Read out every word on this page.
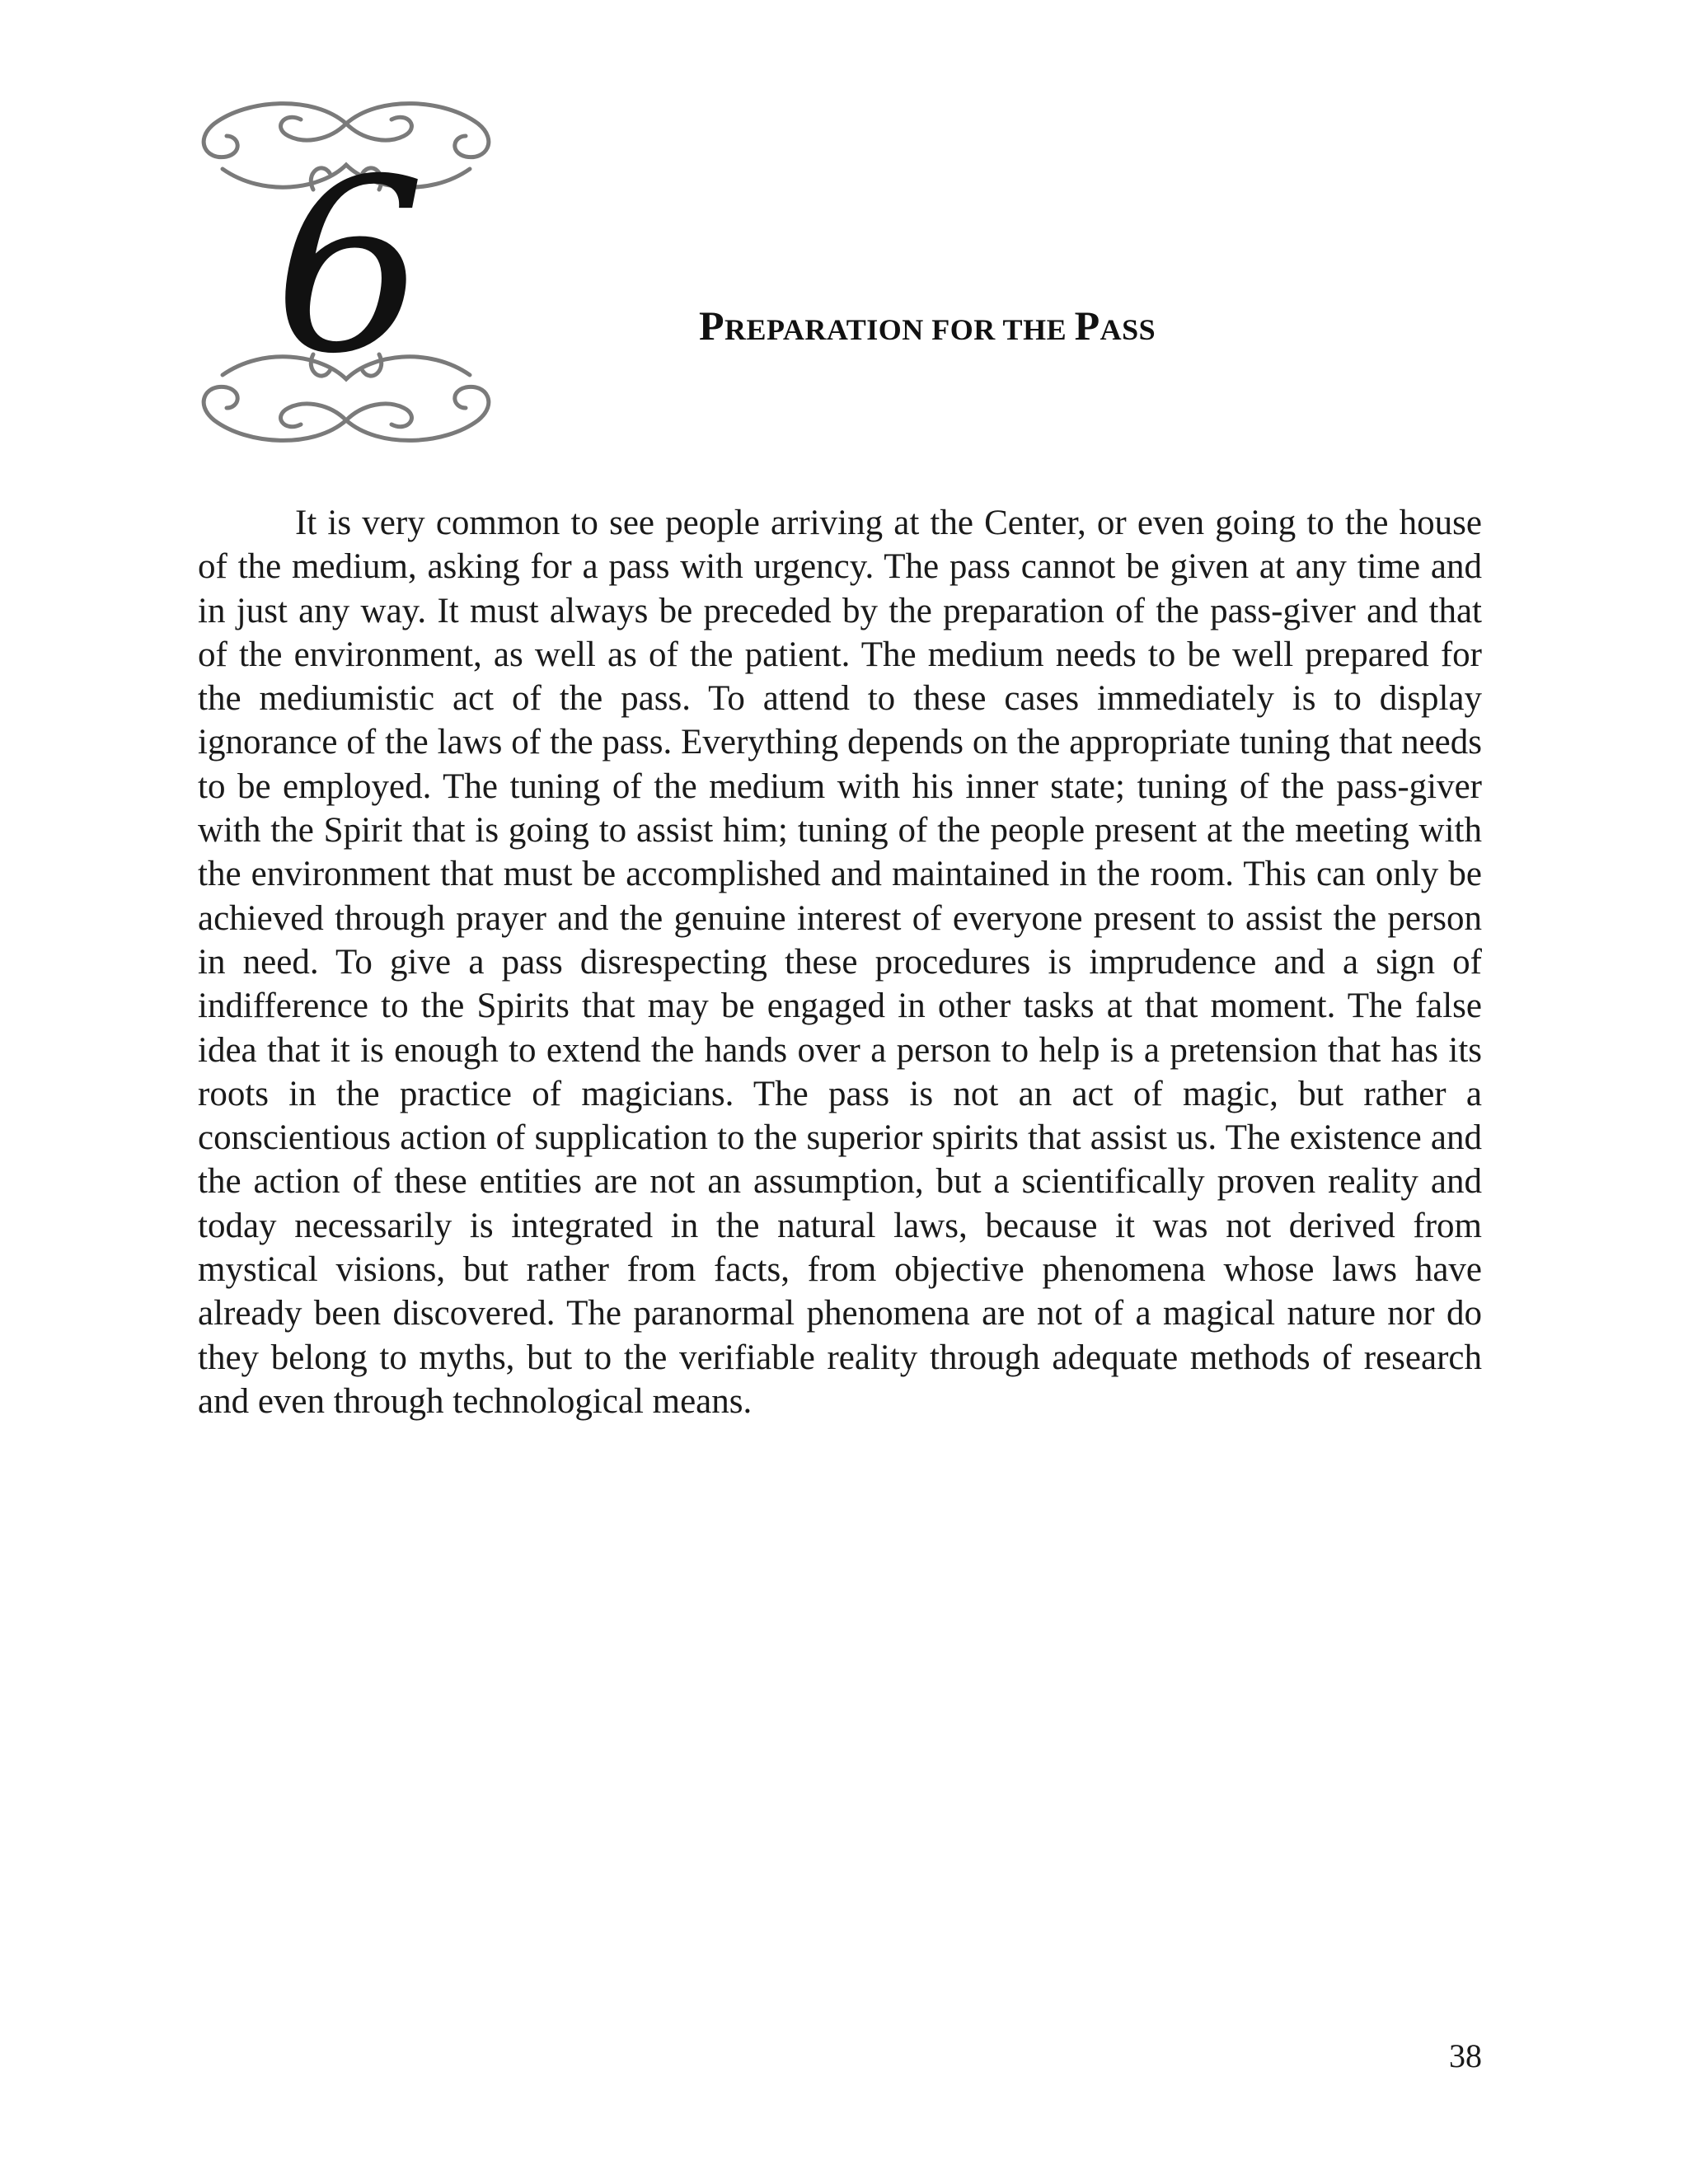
6	PREPARATION FOR THE PASS

It is very common to see people arriving at the Center, or even going to the house of the medium, asking for a pass with urgency. The pass cannot be given at any time and in just any way. It must always be preceded by the preparation of the pass-giver and that of the environment, as well as of the patient. The medium needs to be well prepared for the mediumistic act of the pass. To attend to these cases immediately is to display ignorance of the laws of the pass. Everything depends on the appropriate tuning that needs to be employed. The tuning of the medium with his inner state; tuning of the pass-giver with the Spirit that is going to assist him; tuning of the people present at the meeting with the environment that must be accomplished and maintained in the room. This can only be achieved through prayer and the genuine interest of everyone present to assist the person in need. To give a pass disrespecting these procedures is imprudence and a sign of indifference to the Spirits that may be engaged in other tasks at that moment. The false idea that it is enough to extend the hands over a person to help is a pretension that has its roots in the practice of magicians. The pass is not an act of magic, but rather a conscientious action of supplication to the superior spirits that assist us. The existence and the action of these entities are not an assumption, but a scientifically proven reality and today necessarily is integrated in the natural laws, because it was not derived from mystical visions, but rather from facts, from objective phenomena whose laws have already been discovered. The paranormal phenomena are not of a magical nature nor do they belong to myths, but to the verifiable reality through adequate methods of research and even through technological means.

38
